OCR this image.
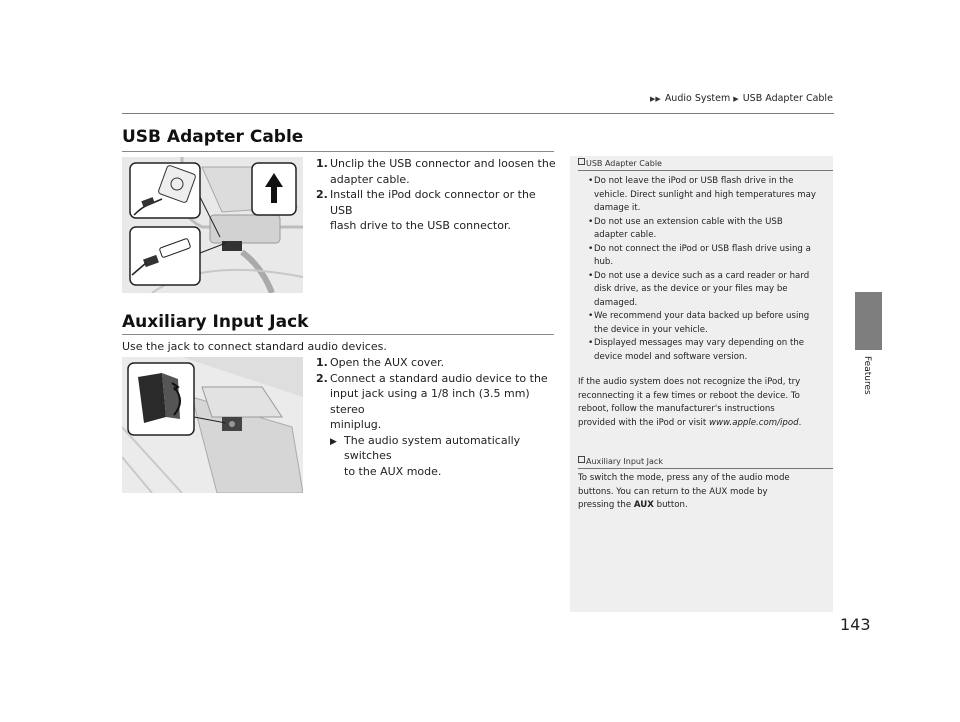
▶▶ Audio System ▶ USB Adapter Cable
Features
USB Adapter Cable
1. Unclip the USB connector and loosen the
adapter cable.
2. Install the iPod dock connector or the USB
flash drive to the USB connector.
Auxiliary Input Jack
Use the jack to connect standard audio devices.
1. Open the AUX cover.
2. Connect a standard audio device to the
input jack using a 1/8 inch (3.5 mm) stereo
miniplug.
▶ The audio system automatically switches
to the AUX mode.
USB Adapter Cable
• Do not leave the iPod or USB flash drive in the
vehicle. Direct sunlight and high temperatures may
damage it.
• Do not use an extension cable with the USB
adapter cable.
• Do not connect the iPod or USB flash drive using a
hub.
• Do not use a device such as a card reader or hard
disk drive, as the device or your files may be
damaged.
• We recommend your data backed up before using
the device in your vehicle.
• Displayed messages may vary depending on the
device model and software version.
If the audio system does not recognize the iPod, try
reconnecting it a few times or reboot the device. To
reboot, follow the manufacturer's instructions
provided with the iPod or visit www.apple.com/ipod.
Auxiliary Input Jack
To switch the mode, press any of the audio mode
buttons. You can return to the AUX mode by
pressing the AUX button.
143
